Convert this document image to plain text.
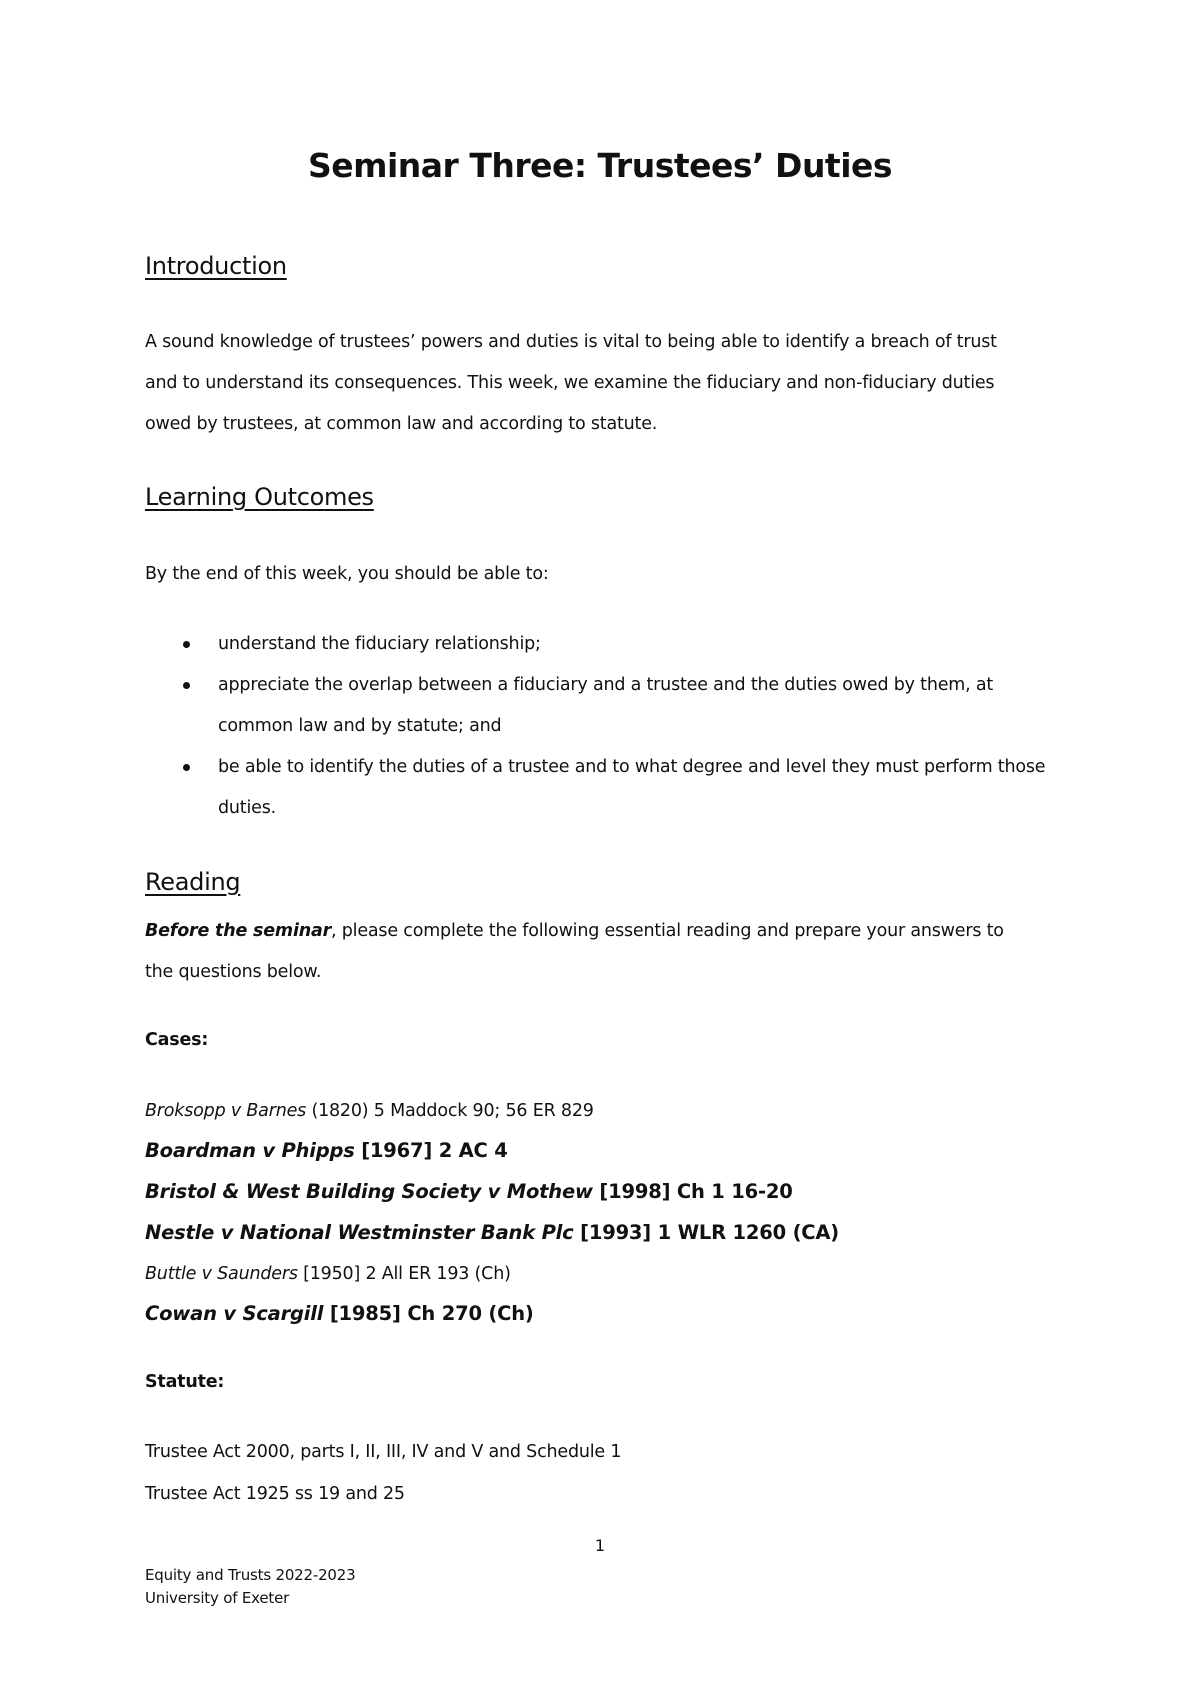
Seminar Three: Trustees’ Duties
Introduction

A sound knowledge of trustees’ powers and duties is vital to being able to identify a breach of trust

and to understand its consequences. This week, we examine the fiduciary and non-fiduciary duties

owed by trustees, at common law and according to statute.

Learning Outcomes

By the end of this week, you should be able to:

understand the fiduciary relationship;
appreciate the overlap between a fiduciary and a trustee and the duties owed by them, at common law and by statute; and
be able to identify the duties of a trustee and to what degree and level they must perform those duties.
Reading

Before the seminar, please complete the following essential reading and prepare your answers to

the questions below.

Cases:

Broksopp v Barnes (1820) 5 Maddock 90; 56 ER 829

Boardman v Phipps [1967] 2 AC 4

Bristol & West Building Society v Mothew [1998] Ch 1 16-20

Nestle v National Westminster Bank Plc [1993] 1 WLR 1260 (CA)

Buttle v Saunders [1950] 2 All ER 193 (Ch)

Cowan v Scargill [1985] Ch 270 (Ch)

Statute:

Trustee Act 2000, parts I, II, III, IV and V and Schedule 1

Trustee Act 1925 ss 19 and 25

1

Equity and Trusts 2022-2023

University of Exeter
